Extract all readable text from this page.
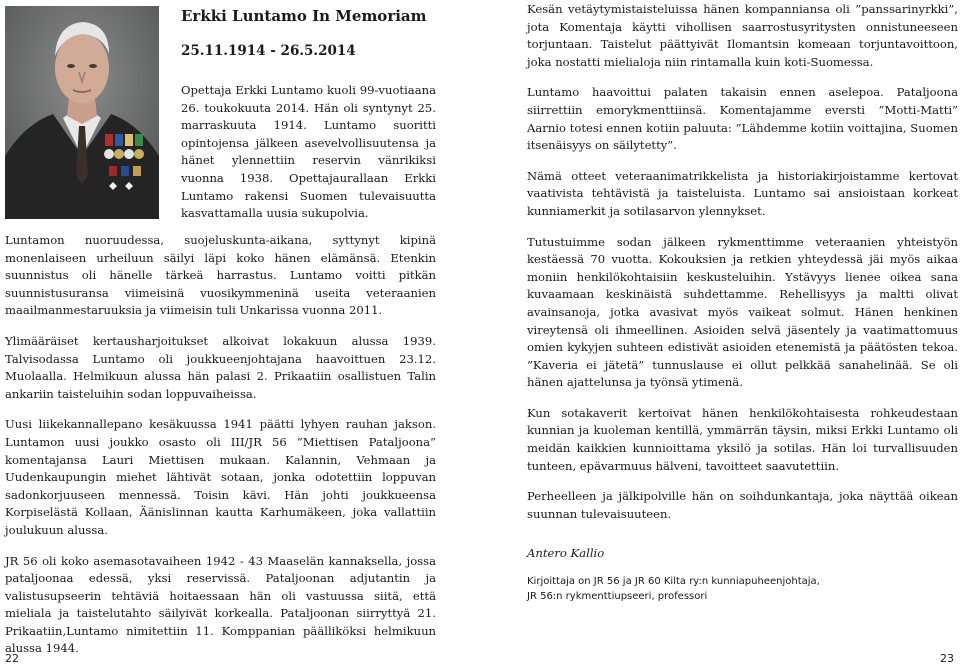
Erkki Luntamo In Memoriam
25.11.1914 - 26.5.2014
Opettaja Erkki Luntamo kuoli 99-vuotiaana 26. toukokuuta 2014. Hän oli syntynyt 25. marraskuuta 1914. Luntamo suoritti opintojensa jälkeen asevelvollisuutensa ja hänet ylennettiin reservin vänrikiksi vuonna 1938. Opettajaurallaan Erkki Luntamo rakensi Suomen tulevaisuutta kasvattamalla uusia sukupolvia.

Luntamon nuoruudessa, suojeluskunta-aikana, syttynyt kipinä monenlaiseen urheiluun säilyi läpi koko hänen elämänsä. Etenkin suunnistus oli hänelle tärkeä harrastus. Luntamo voitti pitkän suunnistusuransa viimeisinä vuosikymmeninä useita veteraanien maailmanmestaruuksia ja viimeisin tuli Unkarissa vuonna 2011.

Ylimääräiset kertausharjoitukset alkoivat lokakuun alussa 1939. Talvisodassa Luntamo oli joukkueenjohtajana haavoittuen 23.12. Muolaalla. Helmikuun alussa hän palasi 2. Prikaatiin osallistuen Talin ankariin taisteluihin sodan loppuvaiheissa.

Uusi liikekannallepano kesäkuussa 1941 päätti lyhyen rauhan jakson. Luntamon uusi joukko osasto oli III/JR 56 ”Miettisen Pataljoona” komentajansa Lauri Miettisen mukaan. Kalannin, Vehmaan ja Uudenkaupungin miehet lähtivät sotaan, jonka odotettiin loppuvan sadonkorjuuseen mennessä. Toisin kävi. Hän johti joukkueensa Korpiselästä Kollaan, Äänislinnan kautta Karhumäkeen, joka vallattiin joulukuun alussa.

JR 56 oli koko asemasotavaiheen 1942 - 43 Maaselän kannaksella, jossa pataljoonaa edessä, yksi reservissä. Pataljoonan adjutantin ja valistusupseerin tehtäviä hoitaessaan hän oli vastuussa siitä, että mieliala ja taistelutahto säilyivät korkealla. Pataljoonan siirryttyä 21. Prikaatiin,Luntamo nimitettiin 11. Komppanian päälliköksi helmikuun alussa 1944.

Kesän vetäytymistaisteluissa hänen kompanniansa oli ”panssarinyrkki”, jota Komentaja käytti vihollisen saarrostusyritysten onnistuneeseen torjuntaan. Taistelut päättyivät Ilomantsin komeaan torjuntavoittoon, joka nostatti mielialoja niin rintamalla kuin koti-Suomessa.

Luntamo haavoittui palaten takaisin ennen aselepoa. Pataljoona siirrettiin emorykmenttiinsä. Komentajamme eversti ”Motti-Matti” Aarnio totesi ennen kotiin paluuta: ”Lähdemme kotiin voittajina, Suomen itsenäisyys on säilytetty”.

Nämä otteet veteraanimatrikkelista ja historiakirjoistamme kertovat vaativista tehtävistä ja taisteluista. Luntamo sai ansioistaan korkeat kunniamerkit ja sotilasarvon ylennykset.

Tutustuimme sodan jälkeen rykmenttimme veteraanien yhteistyön kestäessä 70 vuotta. Kokouksien ja retkien yhteydessä jäi myös aikaa moniin henkilökohtaisiin keskusteluihin. Ystävyys lienee oikea sana kuvaamaan keskinäistä suhdettamme. Rehellisyys ja maltti olivat avainsanoja, jotka avasivat myös vaikeat solmut. Hänen henkinen vireytensä oli ihmeellinen. Asioiden selvä jäsentely ja vaatimattomuus omien kykyjen suhteen edistivät asioiden etenemistä ja päätösten tekoa. ”Kaveria ei jätetä” tunnuslause ei ollut pelkkää sanahelinää. Se oli hänen ajattelunsa ja työnsä ytimenä.

Kun sotakaverit kertoivat hänen henkilökohtaisesta rohkeudestaan kunnian ja kuoleman kentillä, ymmärrän täysin, miksi Erkki Luntamo oli meidän kaikkien kunnioittama yksilö ja sotilas. Hän loi turvallisuuden tunteen, epävarmuus hälveni, tavoitteet saavutettiin.

Perheelleen ja jälkipolville hän on soihdunkantaja, joka näyttää oikean suunnan tulevaisuuteen.

Antero Kallio
Kirjoittaja on JR 56 ja JR 60 Kilta ry:n kunniapuheenjohtaja,
JR 56:n rykmenttiupseeri, professori
22	23
